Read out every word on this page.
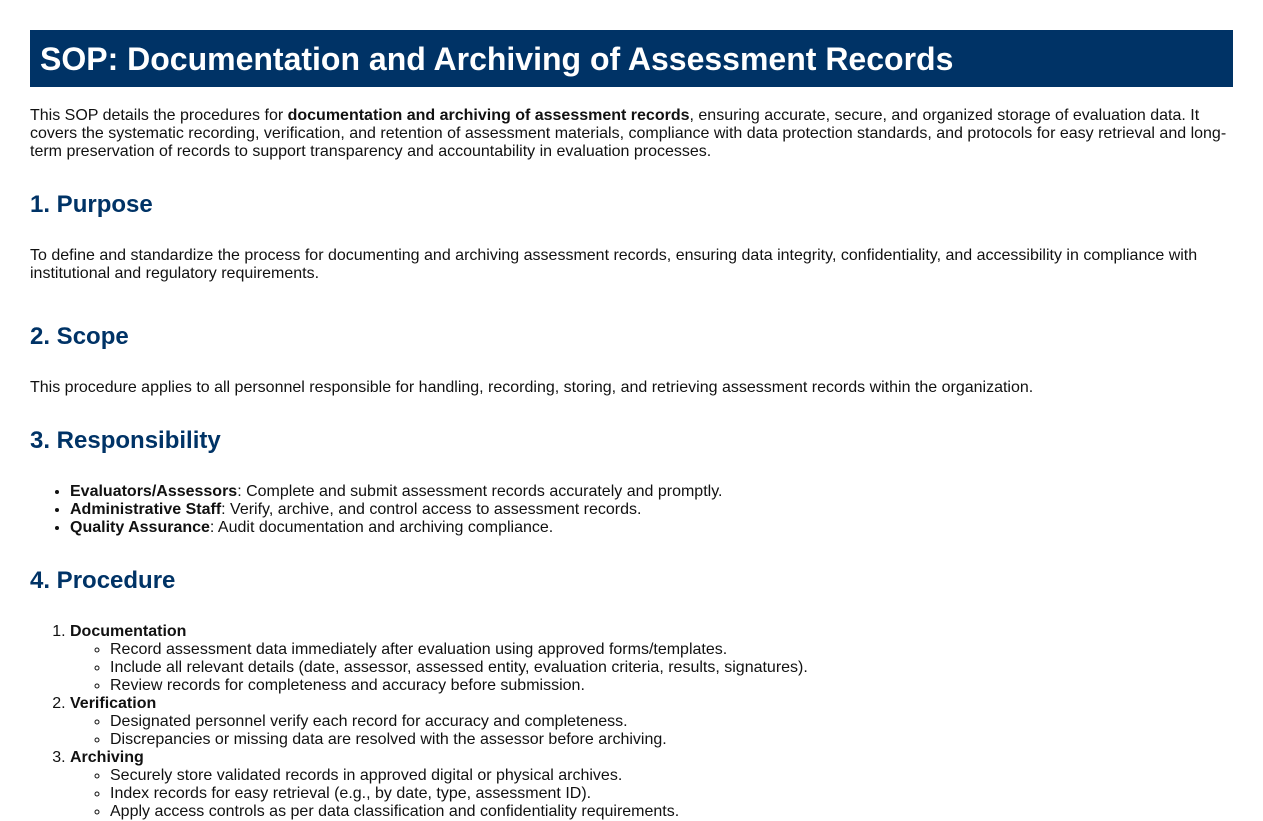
SOP: Documentation and Archiving of Assessment Records

This SOP details the procedures for documentation and archiving of assessment records, ensuring accurate, secure, and organized storage of evaluation data. It covers the systematic recording, verification, and retention of assessment materials, compliance with data protection standards, and protocols for easy retrieval and long-term preservation of records to support transparency and accountability in evaluation processes.

1. Purpose

To define and standardize the process for documenting and archiving assessment records, ensuring data integrity, confidentiality, and accessibility in compliance with institutional and regulatory requirements.

2. Scope

This procedure applies to all personnel responsible for handling, recording, storing, and retrieving assessment records within the organization.

3. Responsibility
• Evaluators/Assessors: Complete and submit assessment records accurately and promptly.
• Administrative Staff: Verify, archive, and control access to assessment records.
• Quality Assurance: Audit documentation and archiving compliance.
4. Procedure
1. Documentation
◦ Record assessment data immediately after evaluation using approved forms/templates.
◦ Include all relevant details (date, assessor, assessed entity, evaluation criteria, results, signatures).
◦ Review records for completeness and accuracy before submission.
2. Verification
◦ Designated personnel verify each record for accuracy and completeness.
◦ Discrepancies or missing data are resolved with the assessor before archiving.
3. Archiving
◦ Securely store validated records in approved digital or physical archives.
◦ Index records for easy retrieval (e.g., by date, type, assessment ID).
◦ Apply access controls as per data classification and confidentiality requirements.
